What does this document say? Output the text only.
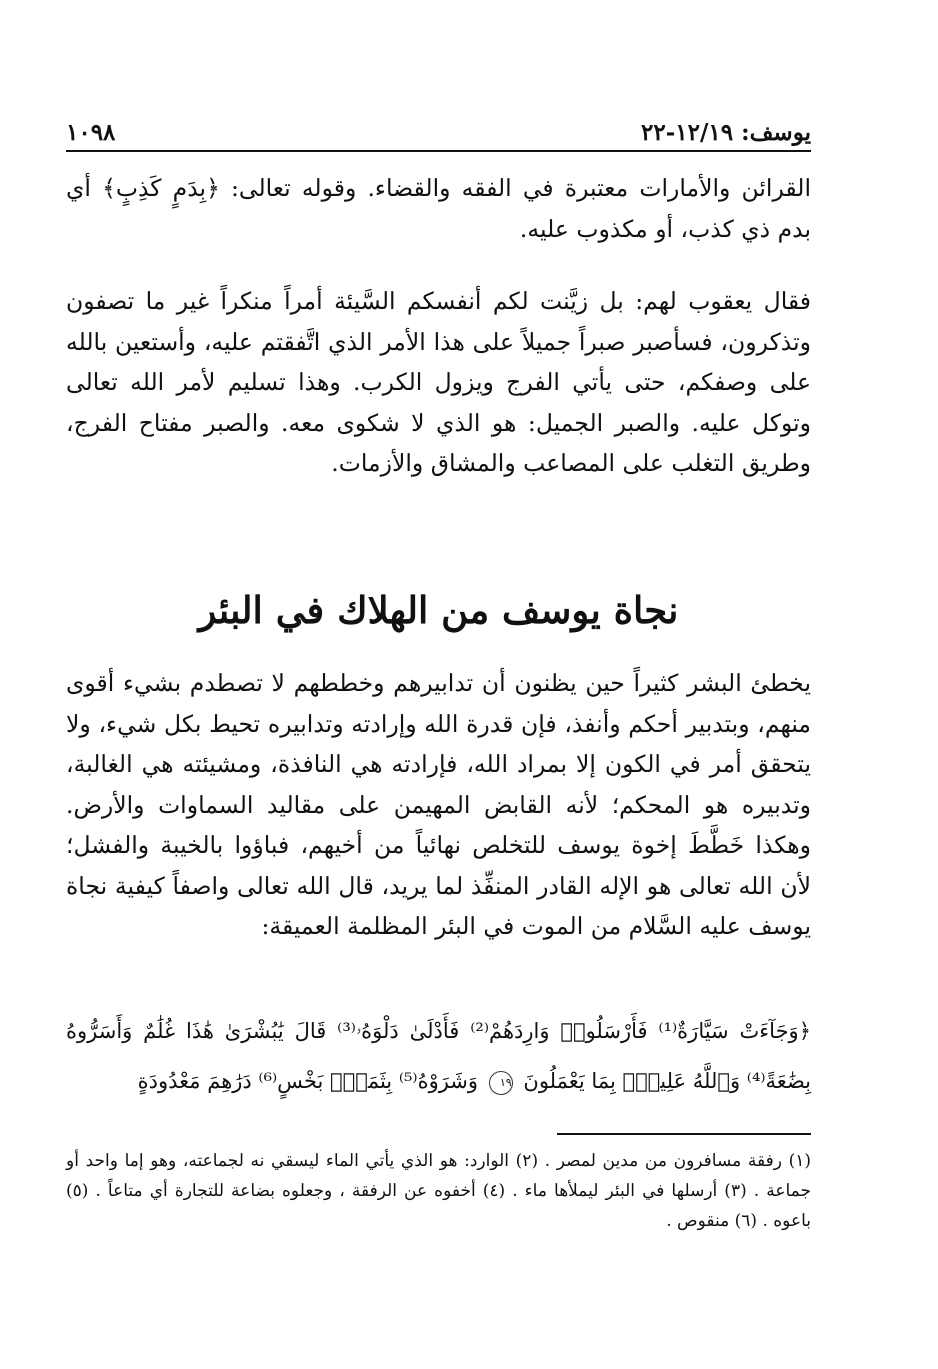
يوسف: ١٢/١٩-٢٢
١٠٩٨

القرائن والأمارات معتبرة في الفقه والقضاء. وقوله تعالى: ﴿بِدَمٍ كَذِبٍ﴾ أي بدم ذي كذب، أو مكذوب عليه.

فقال يعقوب لهم: بل زيَّنت لكم أنفسكم السَّيئة أمراً منكراً غير ما تصفون وتذكرون، فسأصبر صبراً جميلاً على هذا الأمر الذي اتَّفقتم عليه، وأستعين بالله على وصفكم، حتى يأتي الفرج ويزول الكرب. وهذا تسليم لأمر الله تعالى وتوكل عليه. والصبر الجميل: هو الذي لا شكوى معه. والصبر مفتاح الفرج، وطريق التغلب على المصاعب والمشاق والأزمات.

نجاة يوسف من الهلاك في البئر

يخطئ البشر كثيراً حين يظنون أن تدابيرهم وخططهم لا تصطدم بشيء أقوى منهم، وبتدبير أحكم وأنفذ، فإن قدرة الله وإرادته وتدابيره تحيط بكل شيء، ولا يتحقق أمر في الكون إلا بمراد الله، فإرادته هي النافذة، ومشيئته هي الغالبة، وتدبيره هو المحكم؛ لأنه القابض المهيمن على مقاليد السماوات والأرض. وهكذا خَطَّطَ إخوة يوسف للتخلص نهائياً من أخيهم، فباؤوا بالخيبة والفشل؛ لأن الله تعالى هو الإله القادر المنفِّذ لما يريد، قال الله تعالى واصفاً كيفية نجاة يوسف عليه السَّلام من الموت في البئر المظلمة العميقة:

﴿وَجَآءَتْ سَيَّارَةٌ⁽¹⁾ فَأَرْسَلُوا۟ وَارِدَهُمْ⁽²⁾ فَأَدْلَىٰ دَلْوَهُۥ⁽³⁾ قَالَ يَٰبُشْرَىٰ هَٰذَا غُلَٰمٌ وَأَسَرُّوهُ بِضَٰعَةً⁽⁴⁾ وَٱللَّهُ عَلِيمٌۢ بِمَا يَعْمَلُونَ ١٩ وَشَرَوْهُ⁽⁵⁾ بِثَمَنٍۭ بَخْسٍ⁽⁶⁾ دَرَٰهِمَ مَعْدُودَةٍ

(١) رفقة مسافرون من مدين لمصر . (٢) الوارد: هو الذي يأتي الماء ليسقي نه لجماعته، وهو إما واحد أو جماعة . (٣) أرسلها في البئر ليملأها ماء . (٤) أخفوه عن الرفقة ، وجعلوه بضاعة للتجارة أي متاعاً . (٥) باعوه . (٦) منقوص .
